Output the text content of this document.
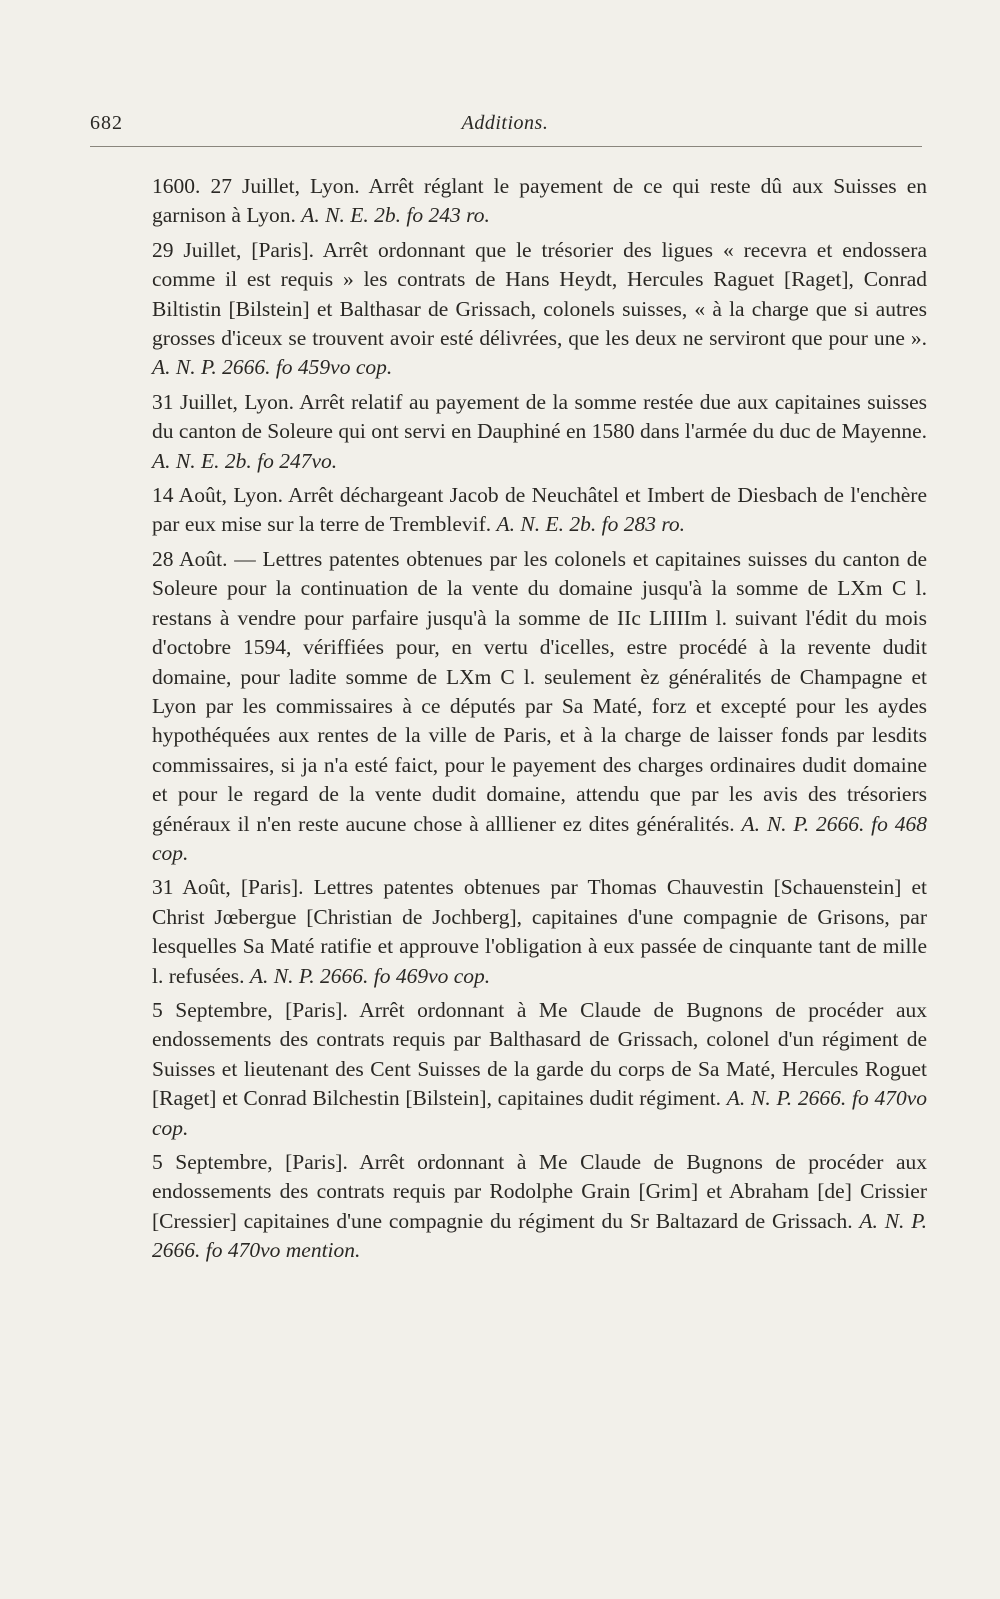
682	Additions.

1600. 27 Juillet, Lyon. Arrêt réglant le payement de ce qui reste dû aux Suisses en garnison à Lyon. A. N. E. 2b. fo 243 ro.

29 Juillet, [Paris]. Arrêt ordonnant que le trésorier des ligues « recevra et endossera comme il est requis » les contrats de Hans Heydt, Hercules Raguet [Raget], Conrad Biltistin [Bilstein] et Balthasar de Grissach, colonels suisses, « à la charge que si autres grosses d'iceux se trouvent avoir esté délivrées, que les deux ne serviront que pour une ». A. N. P. 2666. fo 459vo cop.

31 Juillet, Lyon. Arrêt relatif au payement de la somme restée due aux capitaines suisses du canton de Soleure qui ont servi en Dauphiné en 1580 dans l'armée du duc de Mayenne. A. N. E. 2b. fo 247vo.

14 Août, Lyon. Arrêt déchargeant Jacob de Neuchâtel et Imbert de Diesbach de l'enchère par eux mise sur la terre de Tremblevif. A. N. E. 2b. fo 283 ro.

28 Août. — Lettres patentes obtenues par les colonels et capitaines suisses du canton de Soleure pour la continuation de la vente du domaine jusqu'à la somme de LXm C l. restans à vendre pour parfaire jusqu'à la somme de IIc LIIIIm l. suivant l'édit du mois d'octobre 1594, vériffiées pour, en vertu d'icelles, estre procédé à la revente dudit domaine, pour ladite somme de LXm C l. seulement èz généralités de Champagne et Lyon par les commissaires à ce députés par Sa Maté, forz et excepté pour les aydes hypothéquées aux rentes de la ville de Paris, et à la charge de laisser fonds par lesdits commissaires, si ja n'a esté faict, pour le payement des charges ordinaires dudit domaine et pour le regard de la vente dudit domaine, attendu que par les avis des trésoriers généraux il n'en reste aucune chose à allliener ez dites généralités. A. N. P. 2666. fo 468 cop.

31 Août, [Paris]. Lettres patentes obtenues par Thomas Chauvestin [Schauenstein] et Christ Jœbergue [Christian de Jochberg], capitaines d'une compagnie de Grisons, par lesquelles Sa Maté ratifie et approuve l'obligation à eux passée de cinquante tant de mille l. refusées. A. N. P. 2666. fo 469vo cop.

5 Septembre, [Paris]. Arrêt ordonnant à Me Claude de Bugnons de procéder aux endossements des contrats requis par Balthasard de Grissach, colonel d'un régiment de Suisses et lieutenant des Cent Suisses de la garde du corps de Sa Maté, Hercules Roguet [Raget] et Conrad Bilchestin [Bilstein], capitaines dudit régiment. A. N. P. 2666. fo 470vo cop.

5 Septembre, [Paris]. Arrêt ordonnant à Me Claude de Bugnons de procéder aux endossements des contrats requis par Rodolphe Grain [Grim] et Abraham [de] Crissier [Cressier] capitaines d'une compagnie du régiment du Sr Baltazard de Grissach. A. N. P. 2666. fo 470vo mention.
